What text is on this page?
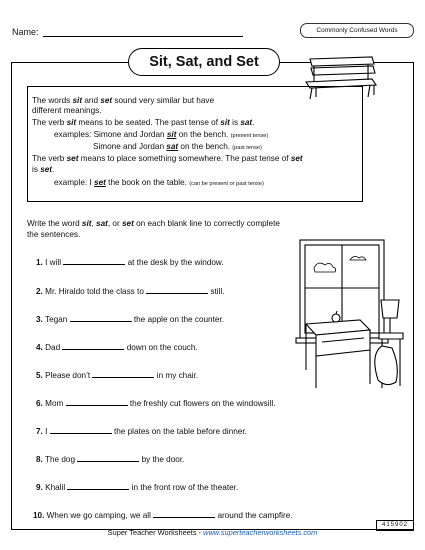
Name:	Commonly Confused Words
Sit, Sat, and Set
The words sit and set sound very similar but have
different meanings.
The verb sit means to be seated. The past tense of sit is sat.
examples: Simone and Jordan sit on the bench. (present tense)
Simone and Jordan sat on the bench. (past tense)
The verb set means to place something somewhere. The past tense of set
is set.
example: I set the book on the table. (can be present or past tense)
Write the word sit, sat, or set on each blank line to correctly complete
the sentences.
1. I will	at the desk by the window.
2. Mr. Hiraldo told the class to	still.
3. Tegan	the apple on the counter.
4. Dad	down on the couch.
5. Please don’t	in my chair.
6. Mom	the freshly cut flowers on the windowsill.
7. I	the plates on the table before dinner.
8. The dog	by the door.
9. Khalil	in the front row of the theater.
10. When we go camping, we all	around the campfire.
415902
Super Teacher Worksheets - www.superteacherworksheets.com
